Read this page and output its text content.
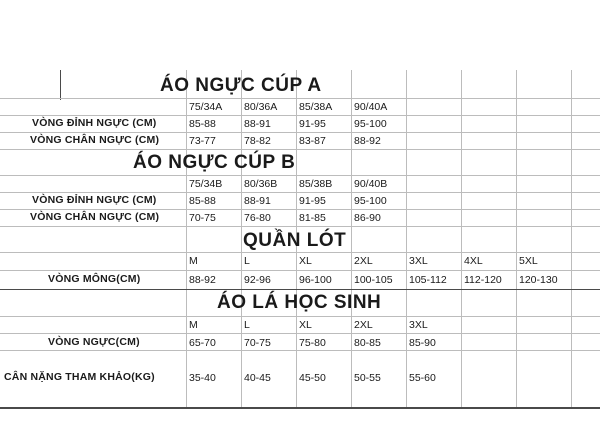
ÁO NGỰC CÚP A
75/34A 80/36A 85/38A 90/40A
VÒNG ĐỈNH NGỰC (CM)	85-88	88-91	91-95	95-100
VÒNG CHÂN NGỰC (CM)	73-77	78-82	83-87	88-92
ÁO NGỰC CÚP B
75/34B 80/36B 85/38B 90/40B
VÒNG ĐỈNH NGỰC (CM)	85-88	88-91	91-95	95-100
VÒNG CHÂN NGỰC (CM)	70-75	76-80	81-85	86-90
QUẦN LÓT
M	L	XL	2XL	3XL	4XL	5XL
VÒNG MÔNG(CM)	88-92	92-96	96-100 100-105 105-112 112-120 120-130
ÁO LÁ HỌC SINH
M	L	XL	2XL	3XL
VÒNG NGỰC(CM)	65-70	70-75	75-80	80-85	85-90
CÂN NẶNG THAM KHẢO(KG)	35-40	40-45	45-50	50-55	55-60
